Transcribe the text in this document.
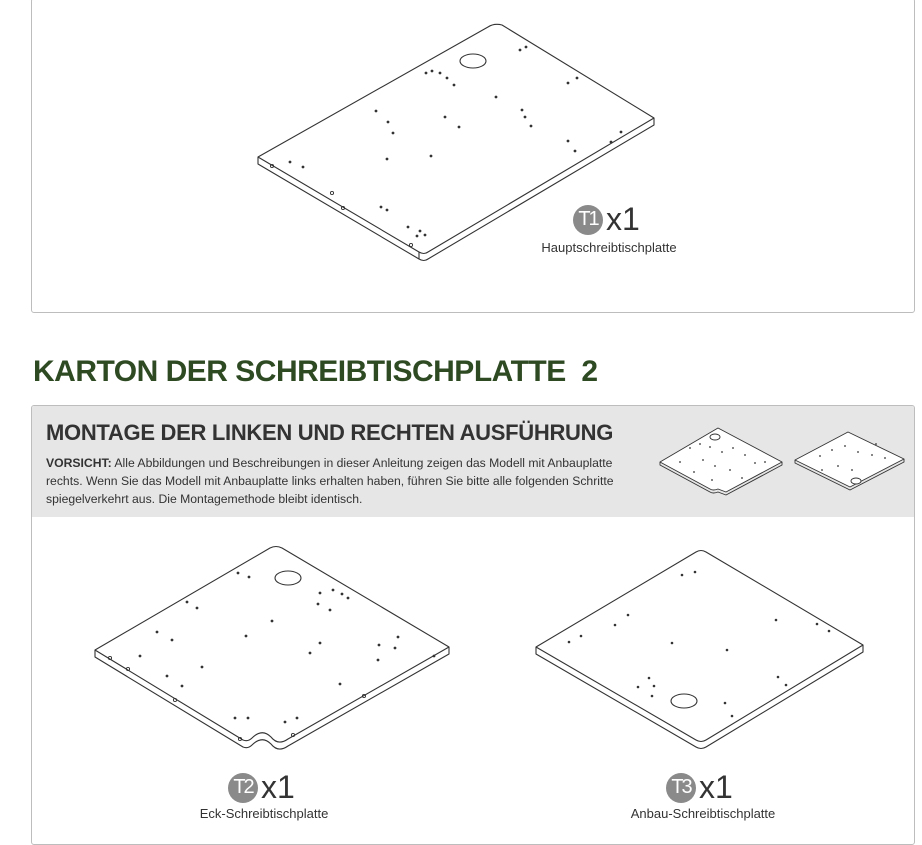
T1 x1
Hauptschreibtischplatte
KARTON DER SCHREIBTISCHPLATTE  2
MONTAGE DER LINKEN UND RECHTEN AUSFÜHRUNG

VORSICHT: Alle Abbildungen und Beschreibungen in dieser Anleitung zeigen das Modell mit Anbauplatte rechts. Wenn Sie das Modell mit Anbauplatte links erhalten haben, führen Sie bitte alle folgenden Schritte spiegelverkehrt aus. Die Montagemethode bleibt identisch.

T2 x1
Eck-Schreibtischplatte
T3 x1
Anbau-Schreibtischplatte
